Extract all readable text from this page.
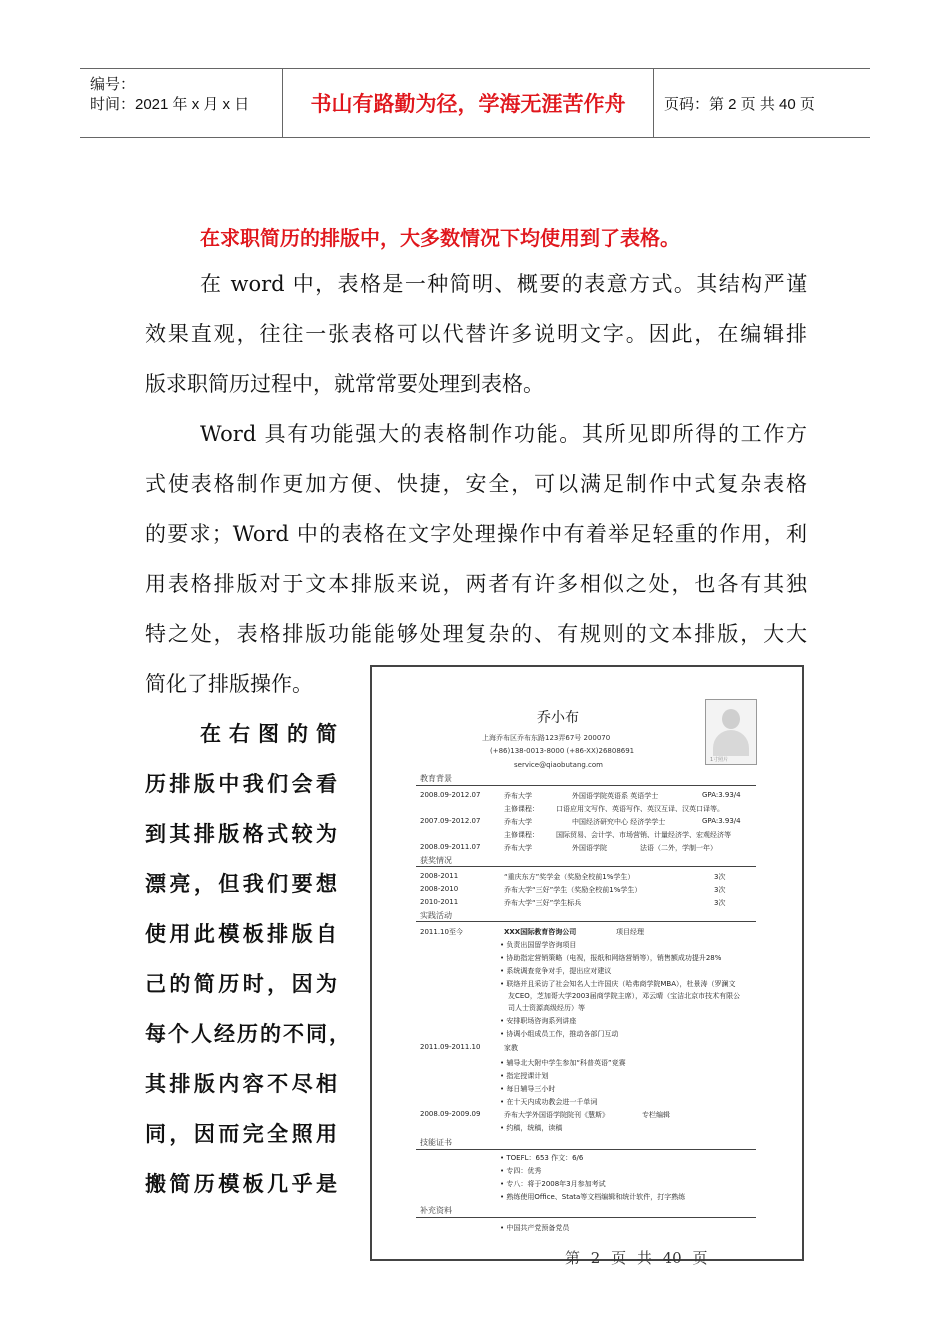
编号：
时间：2021 年 x 月 x 日	书山有路勤为径，学海无涯苦作舟	页码：第 2 页 共 40 页
在求职简历的排版中，大多数情况下均使用到了表格。
在 word 中，表格是一种简明、概要的表意方式。其结构严谨
效果直观，往往一张表格可以代替许多说明文字。因此，在编辑排
版求职简历过程中，就常常要处理到表格。
Word 具有功能强大的表格制作功能。其所见即所得的工作方
式使表格制作更加方便、快捷，安全，可以满足制作中式复杂表格
的要求；Word 中的表格在文字处理操作中有着举足轻重的作用，利
用表格排版对于文本排版来说，两者有许多相似之处，也各有其独
特之处，表格排版功能能够处理复杂的、有规则的文本排版，大大
简化了排版操作。
在右图的简
历排版中我们会看
到其排版格式较为
漂亮，但我们要想
使用此模板排版自
己的简历时，因为
每个人经历的不同，
其排版内容不尽相
同，因而完全照用
搬简历模板几乎是
乔小布
上海乔布区乔布东路123弄67号 200070
(+86)138-0013-8000 (+86-XX)26808691
service@qiaobutang.com
1寸照片
教育背景
2008.09-2012.07	乔布大学	外国语学院英语系 英语学士	GPA:3.93/4
主修课程： 口语应用文写作、英语写作、英汉互译、汉英口译等。
2007.09-2012.07	乔布大学	中国经济研究中心 经济学学士	GPA:3.93/4
主修课程： 国际贸易、会计学、市场营销、计量经济学、宏观经济等
2008.09-2011.07	乔布大学	外国语学院	法语（二外，学制一年）
获奖情况
2008-2011	“重庆东方”奖学金（奖励全校前1%学生）	3次
2008-2010	乔布大学“三好”学生（奖励全校前1%学生）	3次
2010-2011	乔布大学“三好”学生标兵	3次
实践活动
2011.10至今	XXX国际教育咨询公司	项目经理
• 负责出国留学咨询项目
• 协助指定营销策略（电视，报纸和网络营销等），销售额成功提升28%
• 系统调查竞争对手，提出应对建议
• 联络并且采访了社会知名人士许国庆（哈弗商学院MBA），杜景涛（罗澜文
友CEO，芝加哥大学2003届商学院主席），邓云晴（宝洁北京市技术有限公
司人士资源高级经历）等
• 安排职场咨询系列讲座
• 协调小组成员工作，推动各部门互动
2011.09-2011.10	家教
• 辅导北大附中学生参加“科普英语”竞赛
• 指定授课计划
• 每日辅导三小时
• 在十天内成功教会进一千单词
2008.09-2009.09	乔布大学外国语学院院刊《慧斯》	专栏编辑
• 约稿，统稿，读稿
技能证书
• TOEFL：653 作文：6/6
• 专四：优秀
• 专八：将于2008年3月参加考试
• 熟练使用Office、Stata等文档编辑和统计软件，打字熟练
补充资料
• 中国共产党预备党员
第 2 页 共 40 页
